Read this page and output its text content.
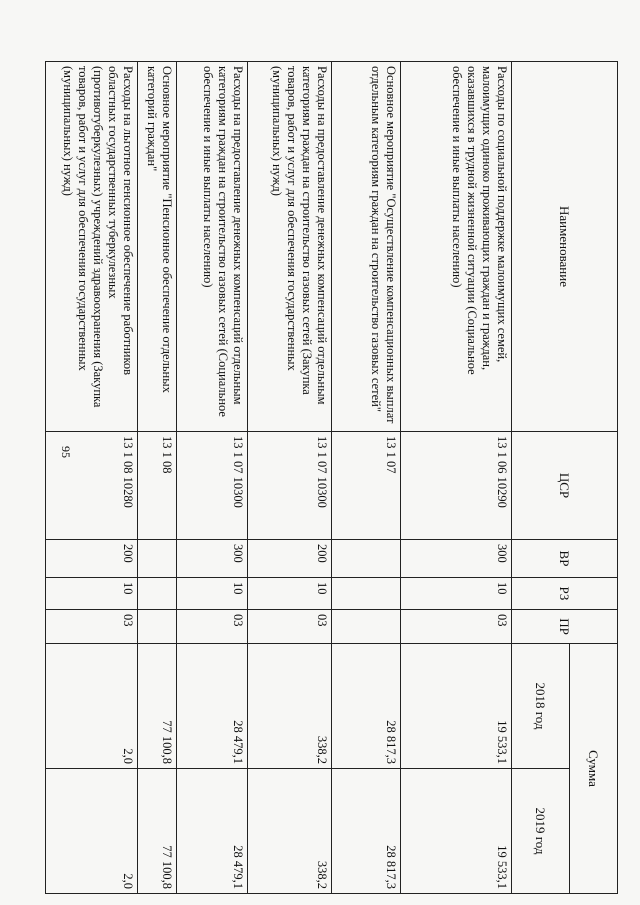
95
Наименование	ЦСР	ВР	РЗ	ПР	Сумма	
					2018 год	2019 год
Расходы по социальной поддержке малоимущих семей, малоимущих одиноко проживающих граждан и граждан, оказавшихся в трудной жизненной ситуации (Социальное обеспечение и иные выплаты населению)	13 1 06 10290	300	10	03	19 533,1	19 533,1
Основное мероприятие "Осуществление компенсационных выплат отдельным категориям граждан на строительство газовых сетей"	13 1 07				28 817,3	28 817,3
Расходы на предоставление денежных компенсаций отдельным категориям граждан на строительство газовых сетей (Закупка товаров, работ и услуг для обеспечения государственных (муниципальных) нужд)	13 1 07 10300	200	10	03	338,2	338,2
Расходы на предоставление денежных компенсаций отдельным категориям граждан на строительство газовых сетей (Социальное обеспечение и иные выплаты населению)	13 1 07 10300	300	10	03	28 479,1	28 479,1
Основное мероприятие "Пенсионное обеспечение отдельных категорий граждан"	13 1 08				77 100,8	77 100,8
Расходы на льготное пенсионное обеспечение работников областных государственных туберкулезных (противотуберкулезных) учреждений здравоохранения (Закупка товаров, работ и услуг для обеспечения государственных (муниципальных) нужд)	13 1 08 10280	200	10	03	2,0	2,0
